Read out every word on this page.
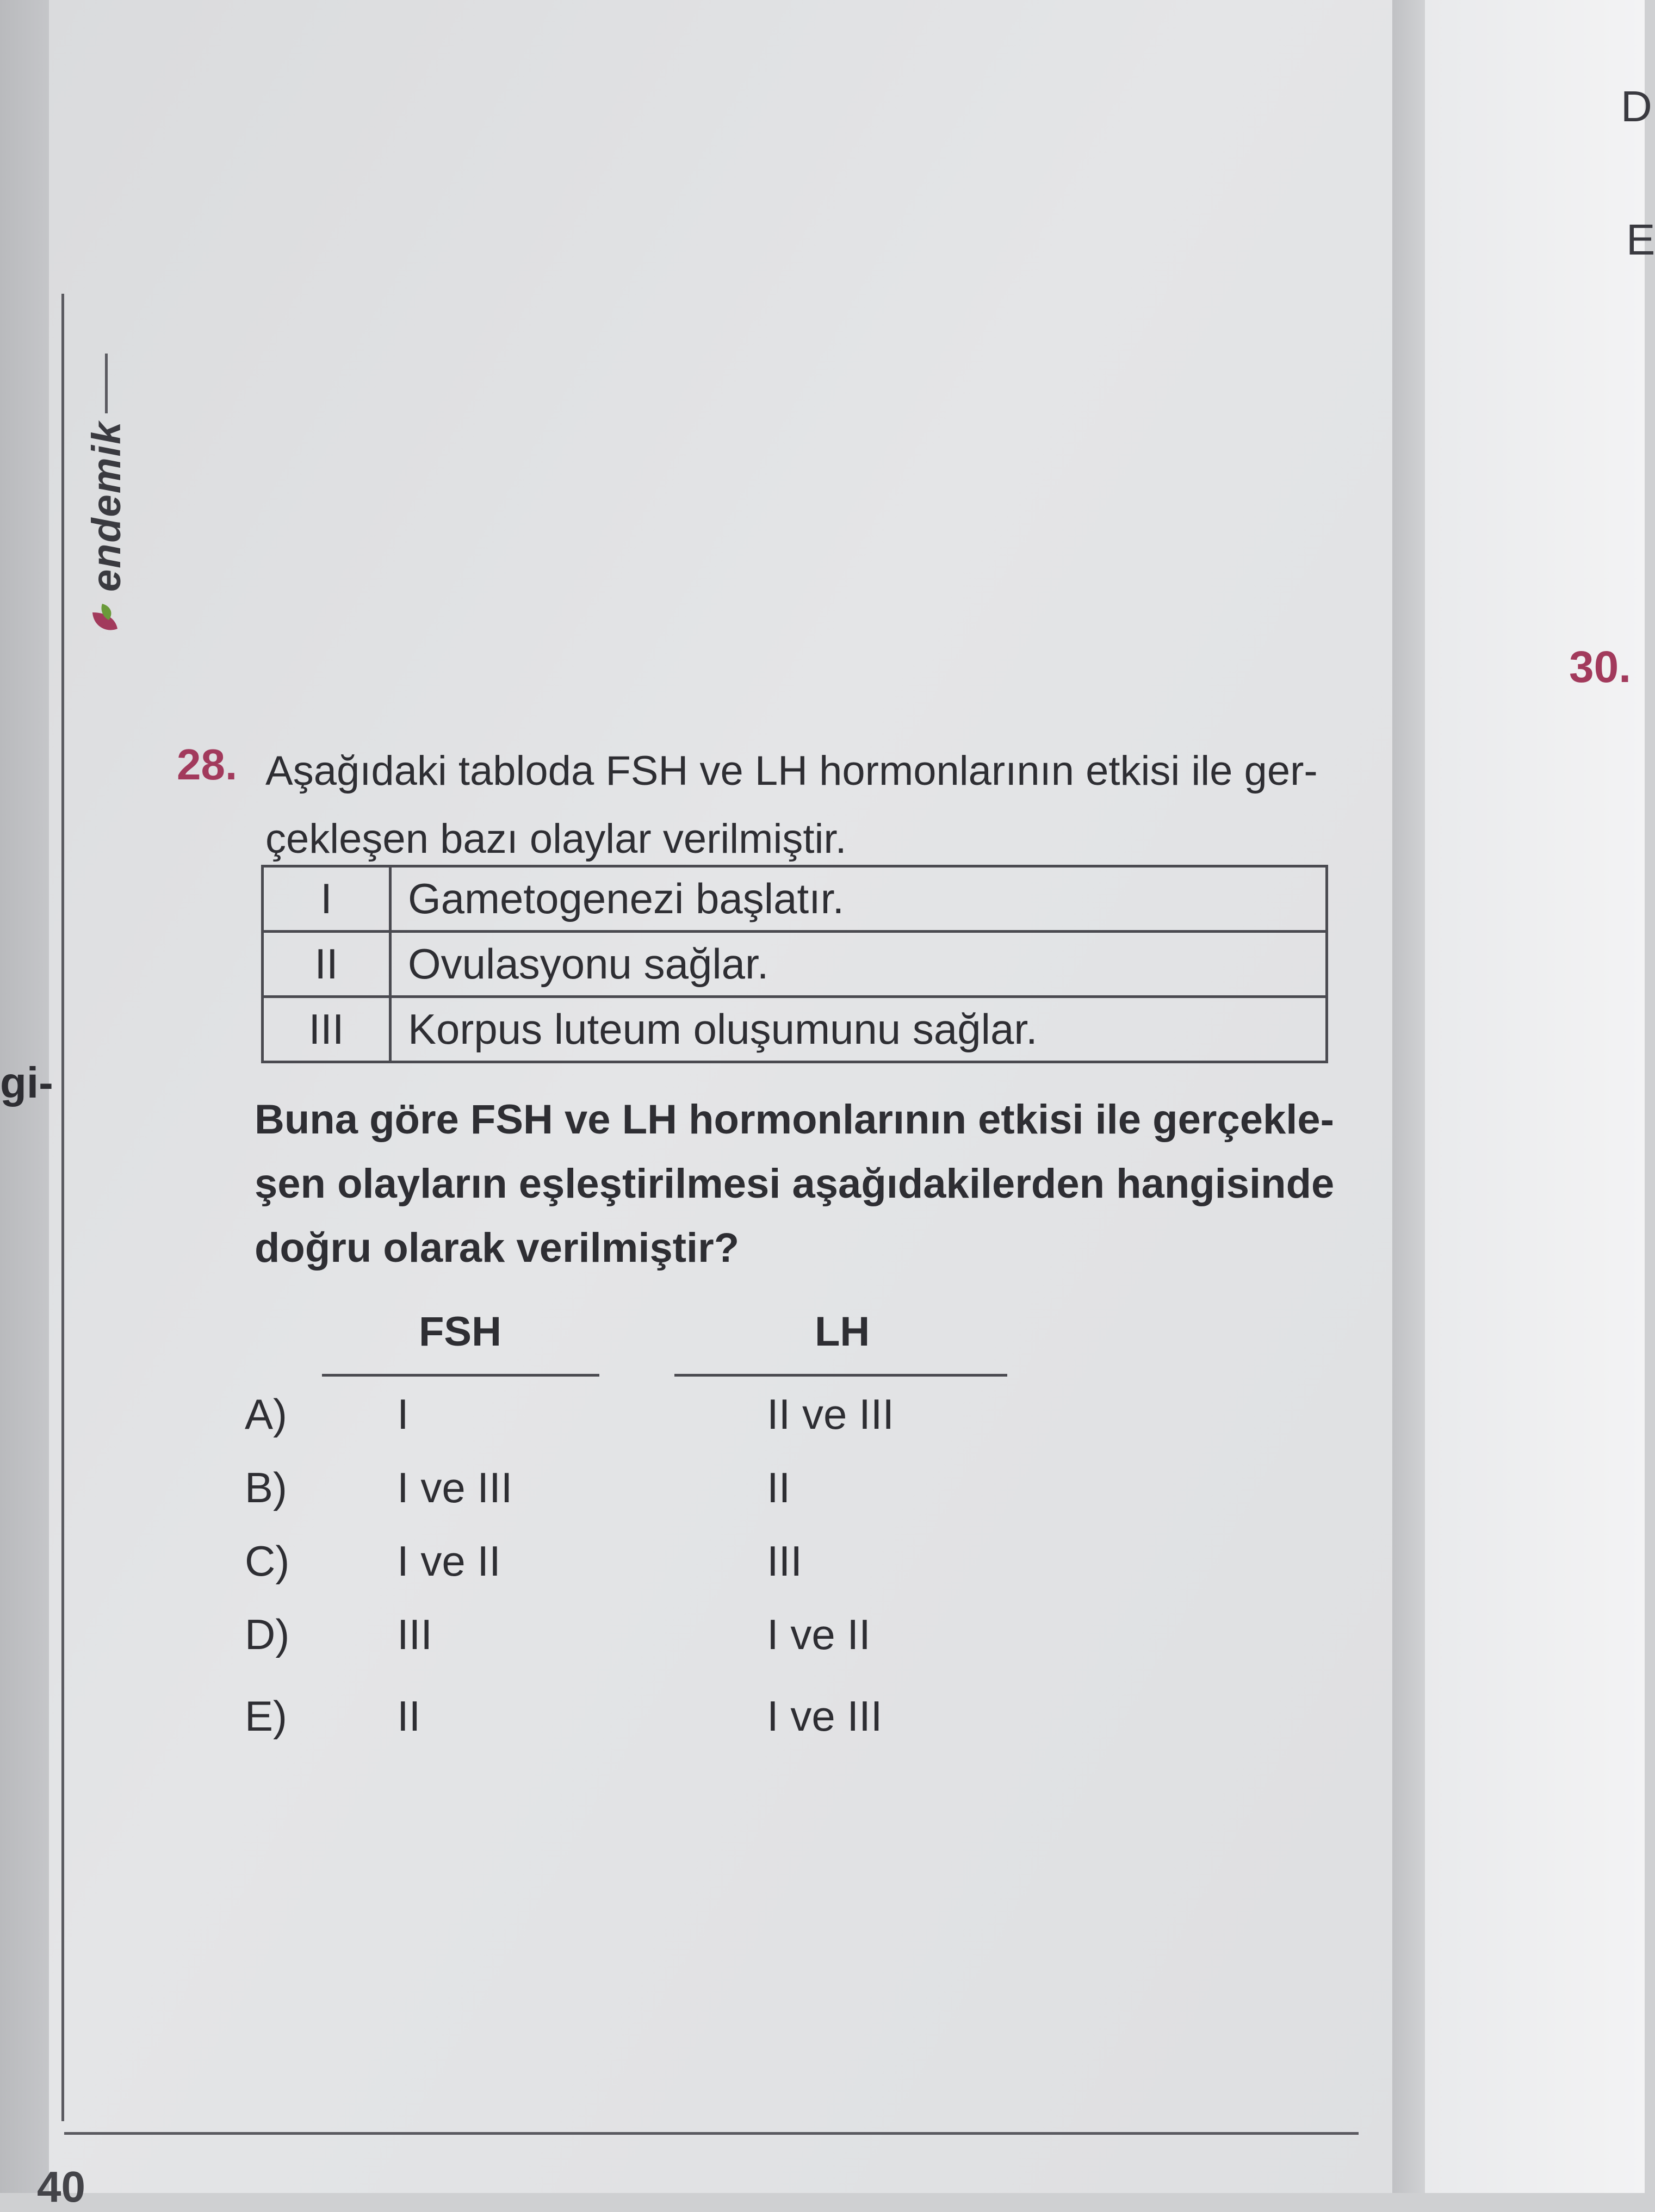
endemik
28. Aşağıdaki tabloda FSH ve LH hormonlarının etkisi ile ger-
çekleşen bazı olaylar verilmiştir.
I	Gametogenezi başlatır.
II	Ovulasyonu sağlar.
III	Korpus luteum oluşumunu sağlar.
Buna göre FSH ve LH hormonlarının etkisi ile gerçekle-
şen olayların eşleştirilmesi aşağıdakilerden hangisinde
doğru olarak verilmiştir?
FSH	LH
A)	I	II ve III
B)	I ve III	II
C)	I ve II	III
D)	III	I ve II
E)	II	I ve III
30.
D
E
gi-
40
